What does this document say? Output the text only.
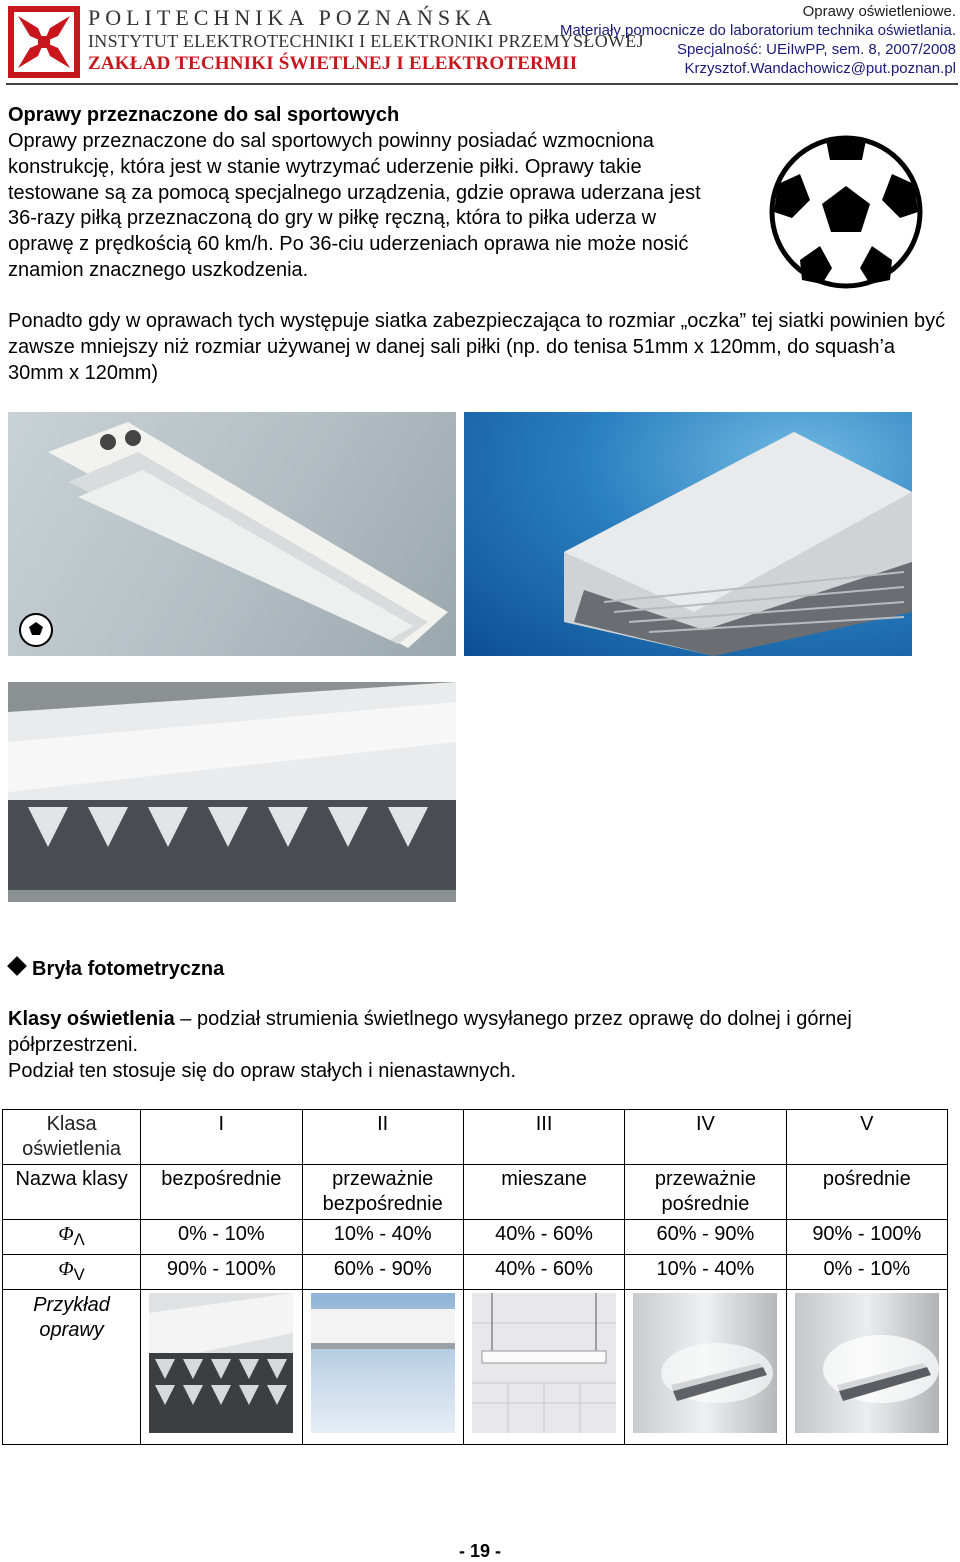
POLITECHNIKA POZNAŃSKA
INSTYTUT ELEKTROTECHNIKI I ELEKTRONIKI PRZEMYSŁOWEJ
ZAKŁAD TECHNIKI ŚWIETLNEJ I ELEKTROTERMII
Oprawy oświetleniowe.
Materiały pomocnicze do laboratorium technika oświetlania.
Specjalność: UEiIwPP, sem. 8, 2007/2008
Krzysztof.Wandachowicz@put.poznan.pl
Oprawy przeznaczone do sal sportowych
Oprawy przeznaczone do sal sportowych powinny posiadać wzmocniona konstrukcję, która jest w stanie wytrzymać uderzenie piłki. Oprawy takie testowane są za pomocą specjalnego urządzenia, gdzie oprawa uderzana jest 36-razy piłką przeznaczoną do gry w piłkę ręczną, która to piłka uderza w oprawę z prędkością 60 km/h. Po 36-ciu uderzeniach oprawa nie może nosić znamion znacznego uszkodzenia.
Ponadto gdy w oprawach tych występuje siatka zabezpieczająca to rozmiar „oczka” tej siatki powinien być zawsze mniejszy niż rozmiar używanej w danej sali piłki (np. do tenisa 51mm x 120mm, do squash’a 30mm x 120mm)
Bryła fotometryczna
Klasy oświetlenia – podział strumienia świetlnego wysyłanego przez oprawę do dolnej i górnej półprzestrzeni.
Podział ten stosuje się do opraw stałych i nienastawnych.
Klasa oświetlenia	I	II	III	IV	V
Nazwa klasy	bezpośrednie	przeważnie bezpośrednie	mieszane	przeważnie pośrednie	pośrednie
$\Phi_\Lambda$	0% - 10%	10% - 40%	40% - 60%	60% - 90%	90% - 100%
$\Phi_V$	90% - 100%	60% - 90%	40% - 60%	10% - 40%	0% - 10%
Przykład oprawy	

- 19 -
